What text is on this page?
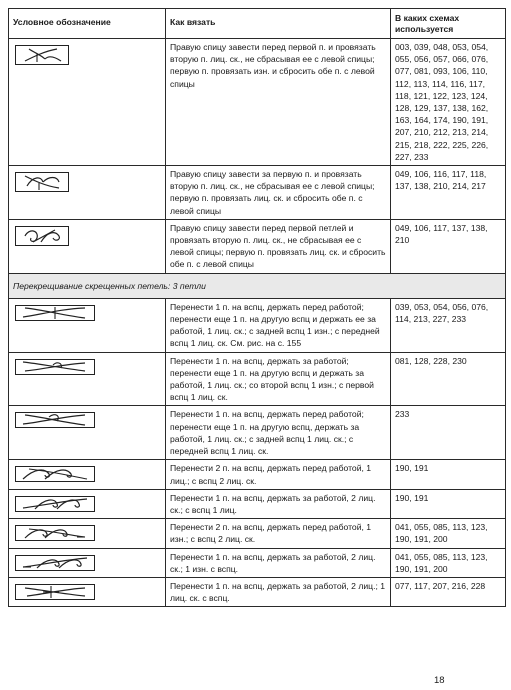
Условное обозначение	Как вязать	В каких схемах используется

	Правую спицу завести перед первой п. и провязать вторую п. лиц. ск., не сбрасывая ее с левой спицы; первую п. провязать изн. и сбросить обе п. с левой спицы	003, 039, 048, 053, 054, 055, 056, 057, 066, 076, 077, 081, 093, 106, 110, 112, 113, 114, 116, 117, 118, 121, 122, 123, 124, 128, 129, 137, 138, 162, 163, 164, 174, 190, 191, 207, 210, 212, 213, 214, 215, 218, 222, 225, 226, 227, 233

	Правую спицу завести за первую п. и провязать вторую п. лиц. ск., не сбрасывая ее с левой спицы; первую п. провязать лиц. ск. и сбросить обе п. с левой спицы	049, 106, 116, 117, 118, 137, 138, 210, 214, 217

	Правую спицу завести перед первой петлей и провязать вторую п. лиц. ск., не сбрасывая ее с левой спицы; первую п. провязать лиц. ск. и сбросить обе п. с левой спицы	049, 106, 117, 137, 138, 210
Перекрещивание скрещенных петель: 3 петли		

	Перенести 1 п. на вспц, держать перед работой; перенести еще 1 п. на другую вспц и держать ее за работой, 1 лиц. ск.; с задней вспц 1 изн.; с передней вспц 1 лиц. ск. См. рис. на с. 155	039, 053, 054, 056, 076, 114, 213, 227, 233

	Перенести 1 п. на вспц, держать за работой; перенести еще 1 п. на другую вспц и держать за работой, 1 лиц. ск.; со второй вспц 1 изн.; с первой вспц 1 лиц. ск.	081, 128, 228, 230

	Перенести 1 п. на вспц, держать перед работой; перенести еще 1 п. на другую вспц, держать за работой, 1 лиц. ск.; с задней вспц 1 лиц. ск.; с передней вспц 1 лиц. ск.	233

	Перенести 2 п. на вспц, держать перед работой, 1 лиц.; с вспц 2 лиц. ск.	190, 191

	Перенести 1 п. на вспц, держать за работой, 2 лиц. ск.; с вспц 1 лиц.	190, 191

	Перенести 2 п. на вспц, держать перед работой, 1 изн.; с вспц 2 лиц. ск.	041, 055, 085, 113, 123, 190, 191, 200

	Перенести 1 п. на вспц, держать за работой, 2 лиц. ск.; 1 изн. с вспц.	041, 055, 085, 113, 123, 190, 191, 200

	Перенести 1 п. на вспц, держать за работой, 2 лиц.; 1 лиц. ск. с вспц.	077, 117, 207, 216, 228
18
